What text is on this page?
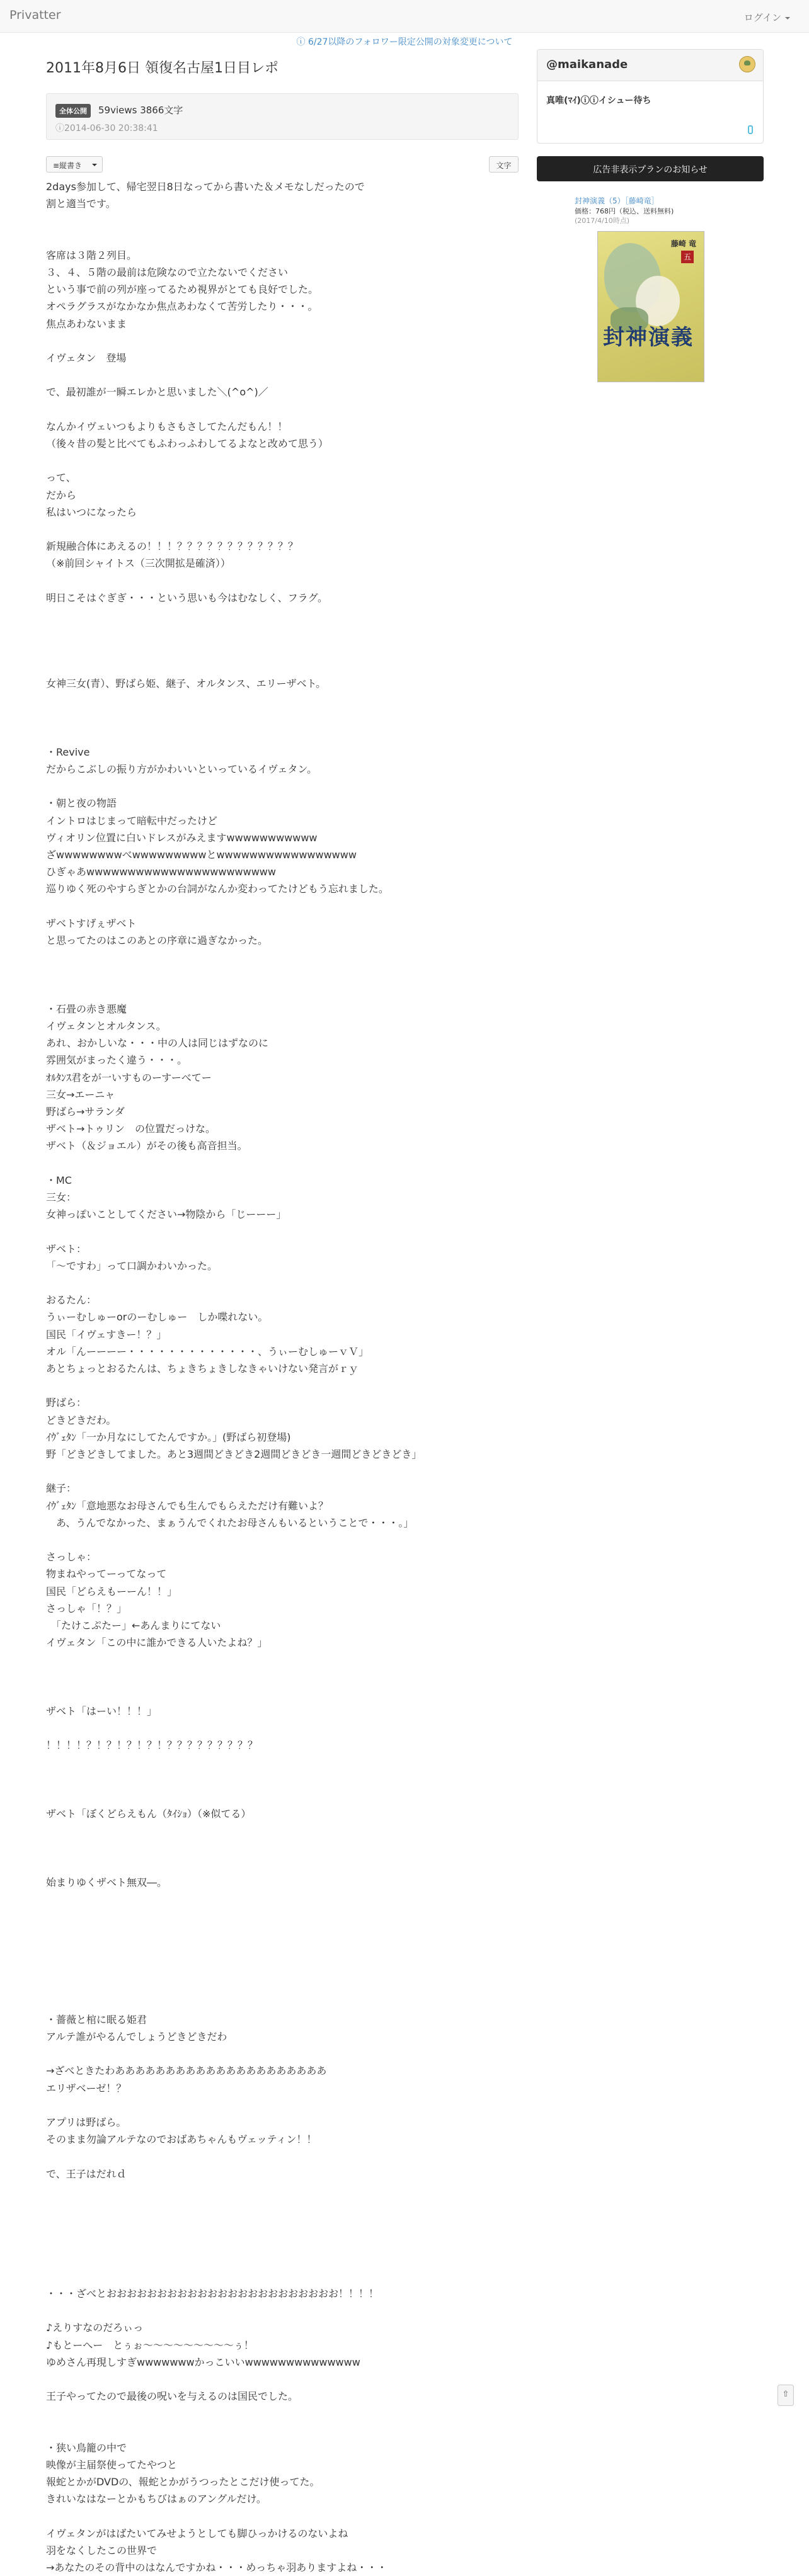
Privatter	ログイン
ⓘ 6/27以降のフォロワー限定公開の対象変更について
2011年8月6日 領復名古屋1日目レポ
全体公開	59views 3866文字
ⓘ2014-06-30 20:38:41
≡縦書き	文字
2days参加して、帰宅翌日8日なってから書いた＆メモなしだったので
割と適当です。

客席は３階２列目。
３、４、５階の最前は危険なので立たないでください
という事で前の列が座ってるため視界がとても良好でした。
オペラグラスがなかなか焦点あわなくて苦労したり・・・。
焦点あわないまま

イヴェタン　登場

で、最初誰が一瞬エレかと思いました＼(^o^)／

なんかイヴェいつもよりもさもさしてたんだもん！！
（後々昔の髪と比べてもふわっふわしてるよなと改めて思う）

って、
だから
私はいつになったら

新規融合体にあえるの！！！？？？？？？？？？？？？
（※前回シャイトス（三次開拡是確済））

明日こそはぐぎぎ・・・という思いも今はむなしく、フラグ。

女神三女(青）、野ばら姫、継子、オルタンス、エリーザベト。

・Revive
だからこぶしの振り方がかわいいといっているイヴェタン。

・朝と夜の物語
イントロはじまって暗転中だったけど
ヴィオリン位置に白いドレスがみえますwwwwwwwwwww
ざwwwwwwwwべwwwwwwwwwとwwwwwwwwwwwwwwwww
ひぎゃあwwwwwwwwwwwwwwwwwwwwwww
巡りゆく死のやすらぎとかの台詞がなんか変わってたけどもう忘れました。

ザベトすげぇザベト
と思ってたのはこのあとの序章に過ぎなかった。

・石畳の赤き悪魔
イヴェタンとオルタンス。
あれ、おかしいな・・・中の人は同じはずなのに
雰囲気がまったく違う・・・。
ｵﾙﾀﾝｽ君をが一いすものーすーべてー
三女→エーニャ
野ばら→サランダ
ザベト→トゥリン　の位置だっけな。
ザベト（＆ジョエル）がその後も高音担当。

・MC
三女：
女神っぽいことしてください→物陰から「じーーー」

ザベト：
「〜ですわ」って口調かわいかった。

おるたん：
うぃーむしゅーorのーむしゅー　しか喋れない。
国民「イヴェすきー！？」
オル「んーーーー・・・・・・・・・・・・・、うぃーむしゅーｖＶ」
あとちょっとおるたんは、ちょきちょきしなきゃいけない発言がｒｙ

野ばら：
どきどきだわ。
ｲｳﾞｪﾀﾝ「一か月なにしてたんですか。」(野ばら初登場)
野「どきどきしてました。あと3週間どきどき2週間どきどき一週間どきどきどき」

継子：
ｲｳﾞｪﾀﾝ「意地悪なお母さんでも生んでもらえただけ有難いよ？
　あ、うんでなかった、まぁうんでくれたお母さんもいるということで・・・。」

さっしゃ：
物まねやってーってなって
国民「どらえもーーん！！」
さっしゃ「！？」
　「たけこぷたー」←あんまりにてない
イヴェタン「この中に誰かできる人いたよね？」

ザベト「はーい！！！」

！！！！？！？！？！？！？？？？？？？？？

ザベト「ぼくどらえもん（ﾀｲｼｮ）（※似てる）

始まりゆくザベト無双―。

・薔薇と棺に眠る姫君
アルテ誰がやるんでしょうどきどきだわ

→ざべときたわあああああああああああああああああああああ
エリザベーゼ！？

アプリは野ばら。
そのまま勿論アルテなのでおばあちゃんもヴェッティン！！

で、王子はだれｄ

・・・ざべとおおおおおおおおおおおおおおおおおおおおおおお！！！！

♪えりすなのだろぃっ
♪もとーへー　とぅぉ〜〜〜〜〜〜〜〜〜ぅ！
ゆめさん再現しすぎwwwwwwwかっこいいwwwwwwwwwwwwww

王子やってたので最後の呪いを与えるのは国民でした。

・狭い鳥籠の中で
映像が主届祭使ってたやつと
報蛇とかがDVDの、報蛇とかがうつったとこだけ使ってた。
きれいなはなーとかもちびはぁのアングルだけ。

イヴェタンがはばたいてみせようとしても脚ひっかけるのないよね
羽をなくしたこの世界で
→あなたのその背中のはなんですかね・・・めっちゃ羽ありますよね・・・
@maikanade
真唯(ﾏｲ)ⓘⓘイシュー待ち
広告非表示プランのお知らせ
封神演義（5）［藤崎竜］
価格：768円（税込、送料無料)
(2017/4/10時点)
藤崎 竜
五
封神演義
⇧
